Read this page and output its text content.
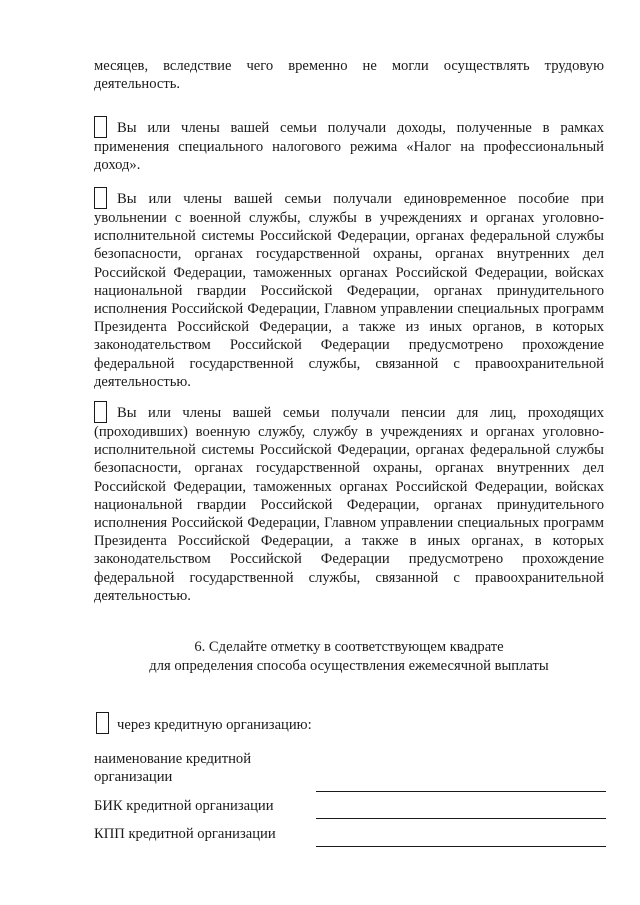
месяцев, вследствие чего временно не могли осуществлять трудовую деятельность.
Вы или члены вашей семьи получали доходы, полученные в рамках применения специального налогового режима «Налог на профессиональный доход».
Вы или члены вашей семьи получали единовременное пособие при увольнении с военной службы, службы в учреждениях и органах уголовно-исполнительной системы Российской Федерации, органах федеральной службы безопасности, органах государственной охраны, органах внутренних дел Российской Федерации, таможенных органах Российской Федерации, войсках национальной гвардии Российской Федерации, органах принудительного исполнения Российской Федерации, Главном управлении специальных программ Президента Российской Федерации, а также из иных органов, в которых законодательством Российской Федерации предусмотрено прохождение федеральной государственной службы, связанной с правоохранительной деятельностью.
Вы или члены вашей семьи получали пенсии для лиц, проходящих (проходивших) военную службу, службу в учреждениях и органах уголовно-исполнительной системы Российской Федерации, органах федеральной службы безопасности, органах государственной охраны, органах внутренних дел Российской Федерации, таможенных органах Российской Федерации, войсках национальной гвардии Российской Федерации, органах принудительного исполнения Российской Федерации, Главном управлении специальных программ Президента Российской Федерации, а также в иных органах, в которых законодательством Российской Федерации предусмотрено прохождение федеральной государственной службы, связанной с правоохранительной деятельностью.
6. Сделайте отметку в соответствующем квадрате
для определения способа осуществления ежемесячной выплаты
через кредитную организацию:
наименование кредитной организации
БИК кредитной организации
КПП кредитной организации
